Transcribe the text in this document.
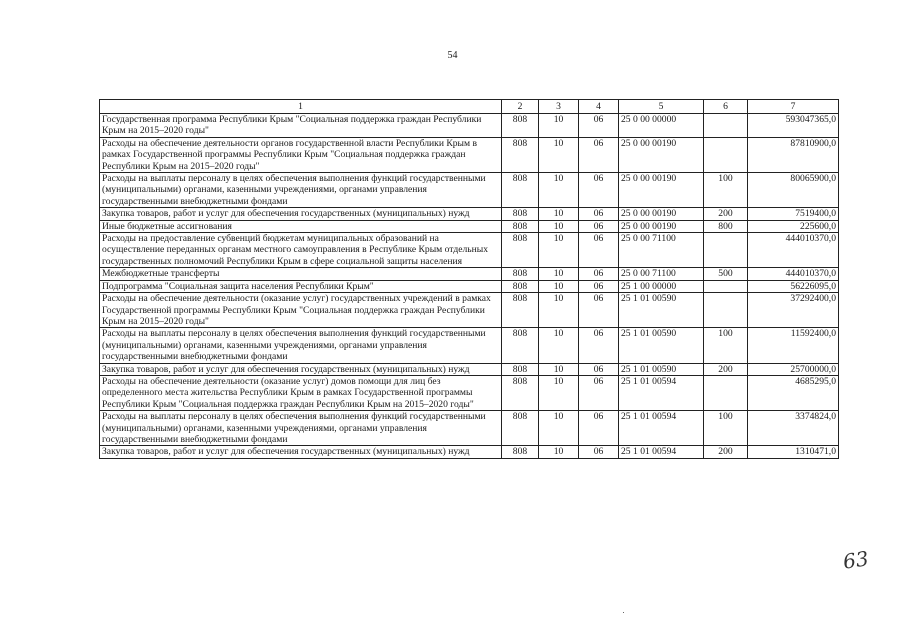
54
1	2	3	4	5	6	7
Государственная программа Республики Крым "Социальная поддержка граждан Республики Крым на 2015–2020 годы"	808	10	06	25 0 00 00000		593047365,0
Расходы на обеспечение деятельности органов государственной власти Республики Крым в рамках Государственной программы Республики Крым "Социальная поддержка граждан Республики Крым на 2015–2020 годы"	808	10	06	25 0 00 00190		87810900,0
Расходы на выплаты персоналу в целях обеспечения выполнения функций государственными (муниципальными) органами, казенными учреждениями, органами управления государственными внебюджетными фондами	808	10	06	25 0 00 00190	100	80065900,0
Закупка товаров, работ и услуг для обеспечения государственных (муниципальных) нужд	808	10	06	25 0 00 00190	200	7519400,0
Иные бюджетные ассигнования	808	10	06	25 0 00 00190	800	225600,0
Расходы на предоставление субвенций бюджетам муниципальных образований на осуществление переданных органам местного самоуправления в Республике Крым отдельных государственных полномочий Республики Крым в сфере социальной защиты населения	808	10	06	25 0 00 71100		444010370,0
Межбюджетные трансферты	808	10	06	25 0 00 71100	500	444010370,0
Подпрограмма "Социальная защита населения Республики Крым"	808	10	06	25 1 00 00000		56226095,0
Расходы на обеспечение деятельности (оказание услуг) государственных учреждений в рамках Государственной программы Республики Крым "Социальная поддержка граждан Республики Крым на 2015–2020 годы"	808	10	06	25 1 01 00590		37292400,0
Расходы на выплаты персоналу в целях обеспечения выполнения функций государственными (муниципальными) органами, казенными учреждениями, органами управления государственными внебюджетными фондами	808	10	06	25 1 01 00590	100	11592400,0
Закупка товаров, работ и услуг для обеспечения государственных (муниципальных) нужд	808	10	06	25 1 01 00590	200	25700000,0
Расходы на обеспечение деятельности (оказание услуг) домов помощи для лиц без определенного места жительства Республики Крым в рамках Государственной программы Республики Крым "Социальная поддержка граждан Республики Крым на 2015–2020 годы"	808	10	06	25 1 01 00594		4685295,0
Расходы на выплаты персоналу в целях обеспечения выполнения функций государственными (муниципальными) органами, казенными учреждениями, органами управления государственными внебюджетными фондами	808	10	06	25 1 01 00594	100	3374824,0
Закупка товаров, работ и услуг для обеспечения государственных (муниципальных) нужд	808	10	06	25 1 01 00594	200	1310471,0
63
